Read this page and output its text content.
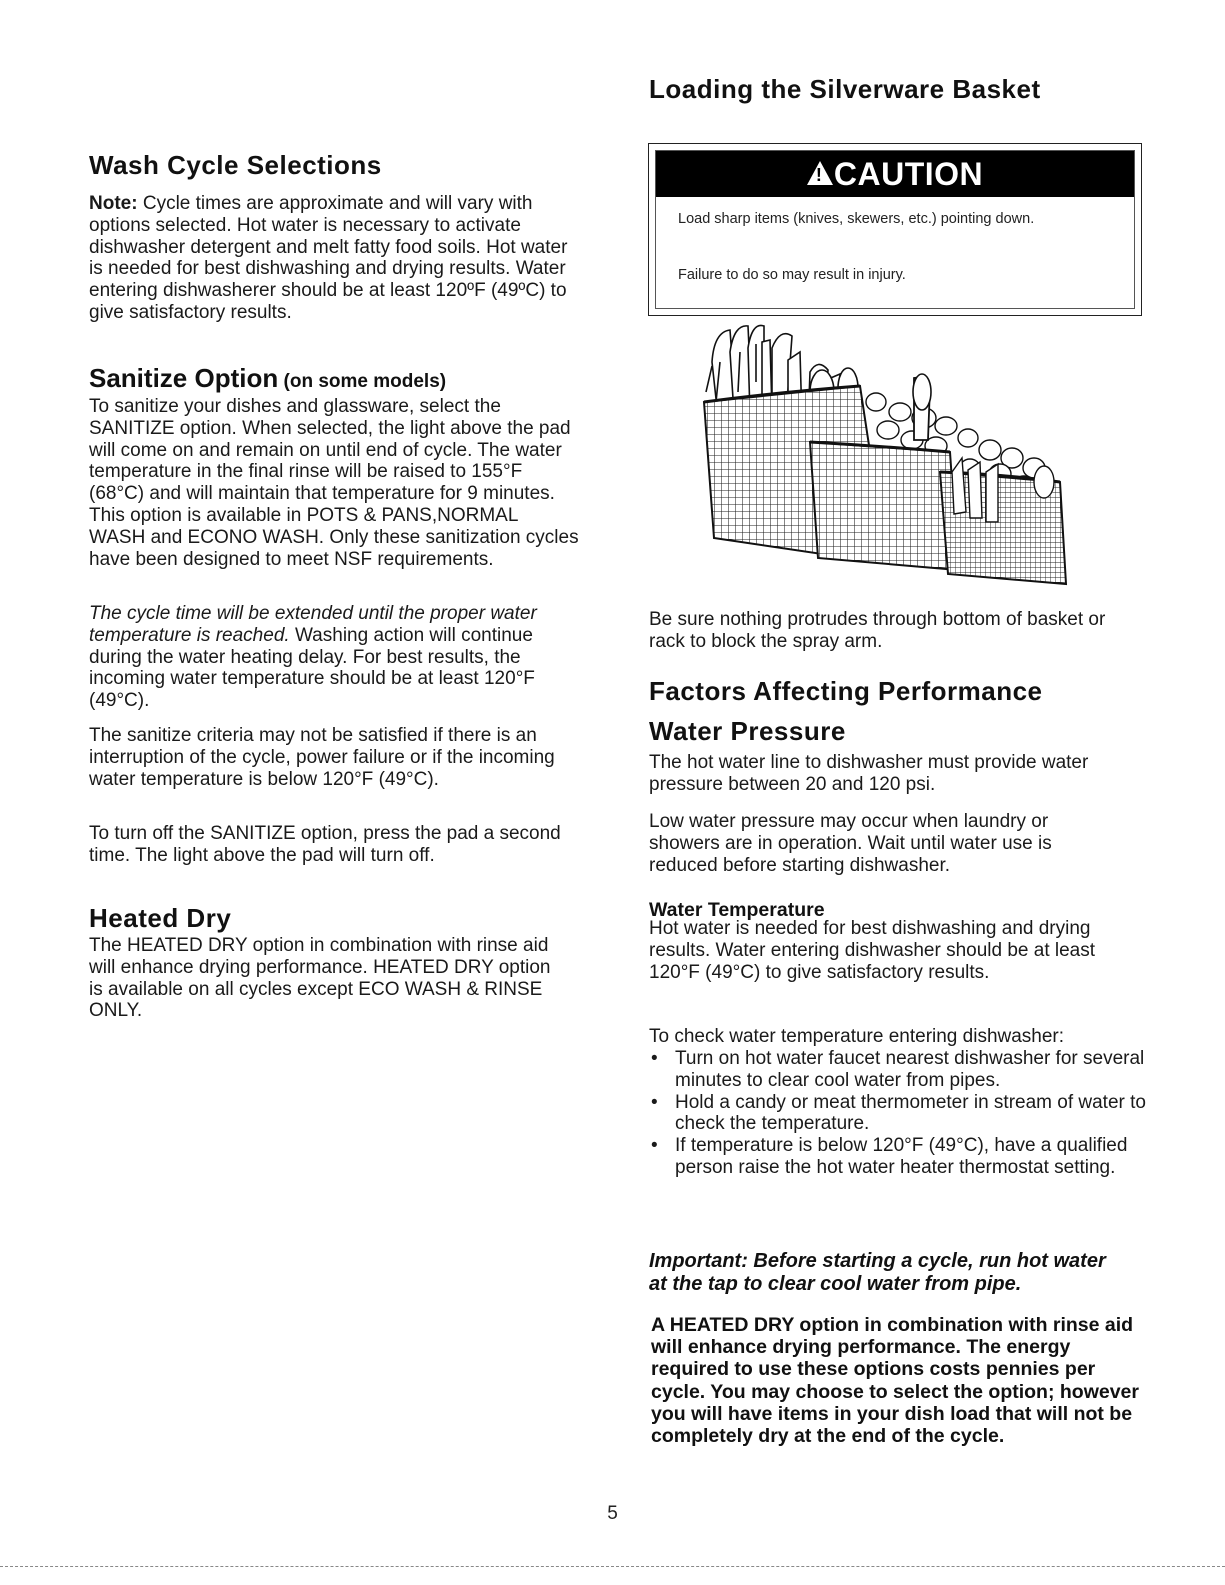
Loading the Silverware Basket
Wash Cycle Selections

Note: Cycle times are approximate and will vary with options selected. Hot water is necessary to activate dishwasher detergent and melt fatty food soils. Hot water is needed for best dishwashing and drying results. Water entering dishwasherer should be at least 120ºF (49ºC) to give satisfactory results.

Sanitize Option (on some models)

To sanitize your dishes and glassware, select the SANITIZE option. When selected, the light above the pad will come on and remain on until end of cycle. The water temperature in the final rinse will be raised to 155°F (68°C) and will maintain that temperature for 9 minutes. This option is available in POTS & PANS,NORMAL WASH and ECONO WASH. Only these sanitization cycles have been designed to meet NSF requirements.

The cycle time will be extended until the proper water temperature is reached. Washing action will continue during the water heating delay. For best results, the incoming water temperature should be at least 120°F (49°C).

The sanitize criteria may not be satisfied if there is an interruption of the cycle, power failure or if the incoming water temperature is below 120°F (49°C).

To turn off the SANITIZE option, press the pad a second time. The light above the pad will turn off.

Heated Dry

The HEATED DRY option in combination with rinse aid will enhance drying performance. HEATED DRY option is available on all cycles except ECO WASH & RINSE ONLY.

!
CAUTION

Load sharp items (knives, skewers, etc.) pointing down.

Failure to do so may result in injury.

Be sure nothing protrudes through bottom of basket or rack to block the spray arm.

Factors Affecting Performance
Water Pressure

The hot water line to dishwasher must provide water pressure between 20 and 120 psi.

Low water pressure may occur when laundry or showers are in operation. Wait until water use is reduced before starting dishwasher.

Water Temperature

Hot water is needed for best dishwashing and drying results. Water entering dishwasher should be at least 120°F (49°C) to give satisfactory results.

To check water temperature entering dishwasher:

• Turn on hot water faucet nearest dishwasher for several minutes to clear cool water from pipes.
• Hold a candy or meat thermometer in stream of water to check the temperature.
• If temperature is below 120°F (49°C), have a qualified person raise the hot water heater thermostat setting.

Important: Before starting a cycle, run hot water at the tap to clear cool water from pipe.

A HEATED DRY option in combination with rinse aid will enhance drying performance. The energy required to use these options costs pennies per cycle. You may choose to select the option; however you will have items in your dish load that will not be completely dry at the end of the cycle.

5
